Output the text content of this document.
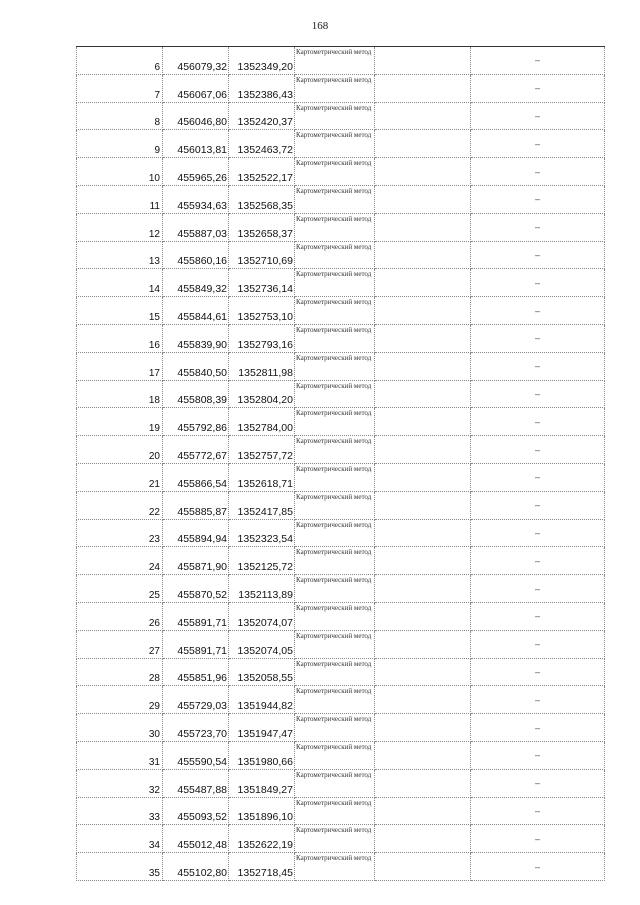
168
6	456079,32	1352349,20	Картометрический метод		–
7	456067,06	1352386,43	Картометрический метод		–
8	456046,80	1352420,37	Картометрический метод		–
9	456013,81	1352463,72	Картометрический метод		–
10	455965,26	1352522,17	Картометрический метод		–
11	455934,63	1352568,35	Картометрический метод		–
12	455887,03	1352658,37	Картометрический метод		–
13	455860,16	1352710,69	Картометрический метод		–
14	455849,32	1352736,14	Картометрический метод		–
15	455844,61	1352753,10	Картометрический метод		–
16	455839,90	1352793,16	Картометрический метод		–
17	455840,50	1352811,98	Картометрический метод		–
18	455808,39	1352804,20	Картометрический метод		–
19	455792,86	1352784,00	Картометрический метод		–
20	455772,67	1352757,72	Картометрический метод		–
21	455866,54	1352618,71	Картометрический метод		–
22	455885,87	1352417,85	Картометрический метод		–
23	455894,94	1352323,54	Картометрический метод		–
24	455871,90	1352125,72	Картометрический метод		–
25	455870,52	1352113,89	Картометрический метод		–
26	455891,71	1352074,07	Картометрический метод		–
27	455891,71	1352074,05	Картометрический метод		–
28	455851,96	1352058,55	Картометрический метод		–
29	455729,03	1351944,82	Картометрический метод		–
30	455723,70	1351947,47	Картометрический метод		–
31	455590,54	1351980,66	Картометрический метод		–
32	455487,88	1351849,27	Картометрический метод		–
33	455093,52	1351896,10	Картометрический метод		–
34	455012,48	1352622,19	Картометрический метод		–
35	455102,80	1352718,45	Картометрический метод		–
